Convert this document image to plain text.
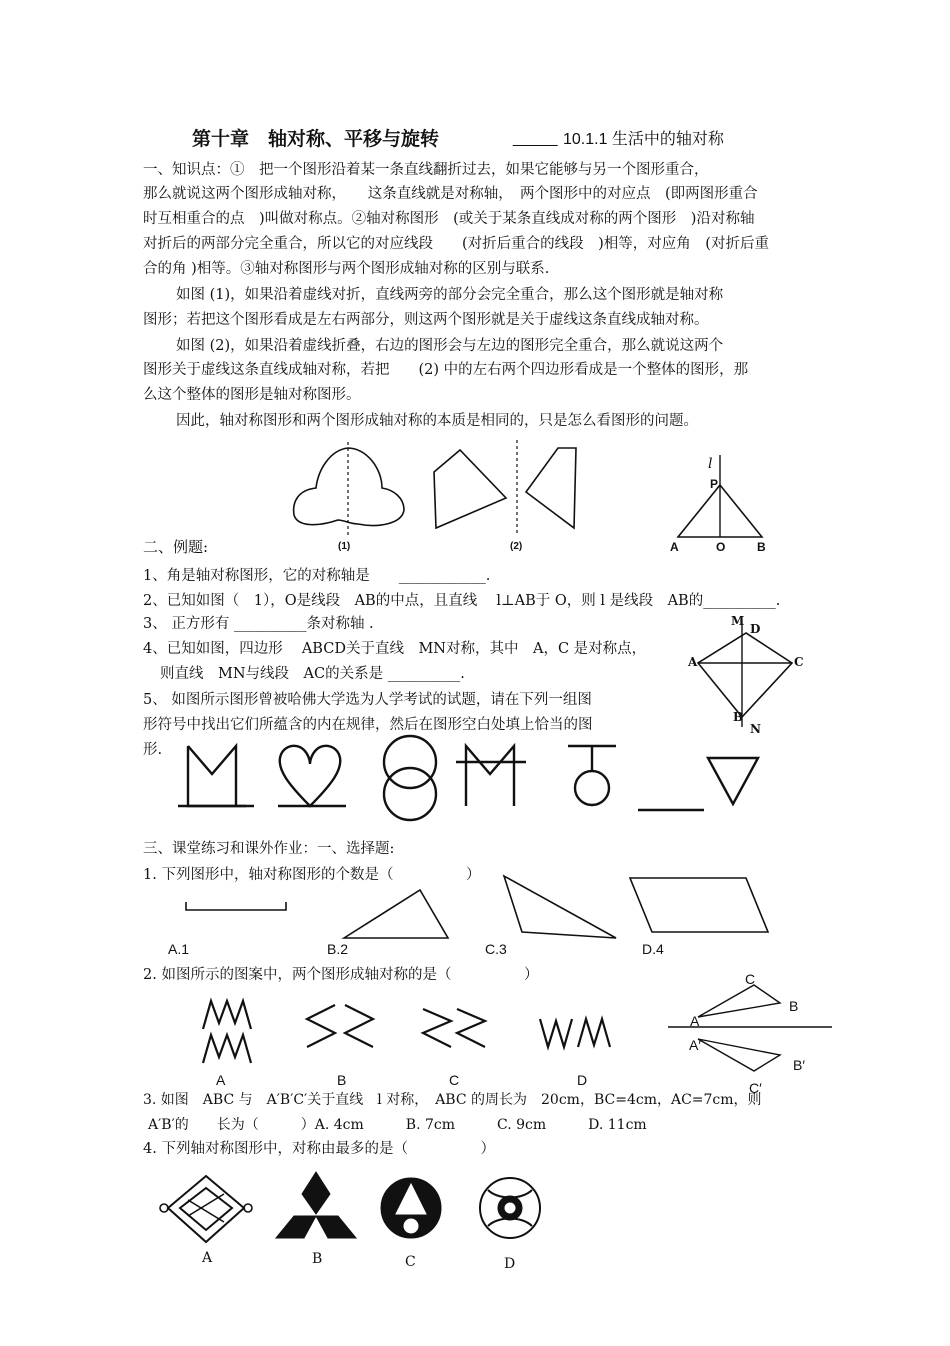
第十章　轴对称、平移与旋转	_____ 10.1.1 生活中的轴对称
一、知识点：①　把一个图形沿着某一条直线翻折过去，如果它能够与另一个图形重合，
那么就说这两个图形成轴对称，　　这条直线就是对称轴，　两个图形中的对应点　(即两图形重合
时互相重合的点　)叫做对称点。②轴对称图形　(或关于某条直线成对称的两个图形　)沿对称轴
对折后的两部分完全重合，所以它的对应线段　　(对折后重合的线段　)相等，对应角　(对折后重
合的角 )相等。③轴对称图形与两个图形成轴对称的区别与联系.
如图 (1)，如果沿着虚线对折，直线两旁的部分会完全重合，那么这个图形就是轴对称
图形；若把这个图形看成是左右两部分，则这两个图形就是关于虚线这条直线成轴对称。
如图 (2)，如果沿着虚线折叠，右边的图形会与左边的图形完全重合，那么就说这两个
图形关于虚线这条直线成轴对称，若把　　(2) 中的左右两个四边形看成是一个整体的图形，那
么这个整体的图形是轴对称图形。
因此，轴对称图形和两个图形成轴对称的本质是相同的，只是怎么看图形的问题。
(1)	(2)
l
P
A	O	B
二、例题:
1、角是轴对称图形，它的对称轴是　　____________.
2、已知如图（　1），O是线段　AB的中点，且直线　 l⊥AB于 O，则 l 是线段　AB的__________.
3、 正方形有 __________条对称轴 .
4、已知如图，四边形　 ABCD关于直线　MN对称，其中　A，C 是对称点，
则直线　MN与线段　AC的关系是 __________.
5、 如图所示图形曾被哈佛大学选为人学考试的试题，请在下列一组图
形符号中找出它们所蕴含的内在规律，然后在图形空白处填上恰当的图
形.
M
D
A	C
B
N
三、课堂练习和课外作业：一、选择题:
1. 下列图形中，轴对称图形的个数是（　　　　　）
A.1	B.2	C.3	D.4
2. 如图所示的图案中，两个图形成轴对称的是（　　　　　）
A	B	C	D
C
B
A
A′
B′
C′
3. 如图　ABC 与　A′B′C′关于直线　l 对称，　ABC 的周长为　20cm，BC=4cm，AC=7cm，则
A′B′的　　长为（　　　）A. 4cm　　　B. 7cm　　　C. 9cm　　　D. 11cm
4. 下列轴对称图形中，对称由最多的是（　　　　　）
A	B	C	D
